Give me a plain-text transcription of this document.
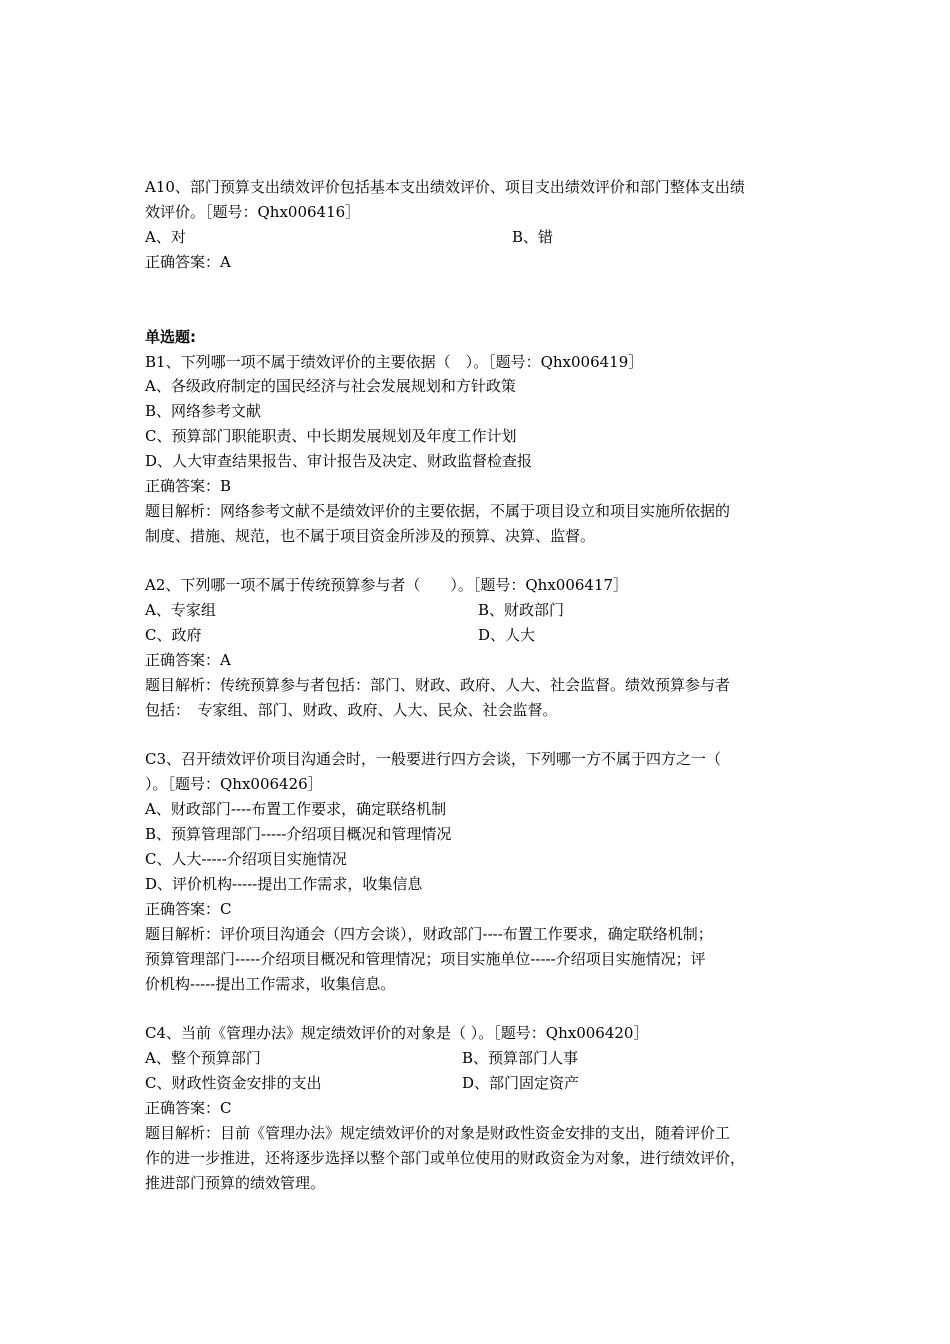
A10、部门预算支出绩效评价包括基本支出绩效评价、项目支出绩效评价和部门整体支出绩
效评价。［题号：Qhx006416］
A、对	B、错
正确答案：A
单选题:
B1、下列哪一项不属于绩效评价的主要依据（　）。［题号：Qhx006419］
A、各级政府制定的国民经济与社会发展规划和方针政策
B、网络参考文献
C、预算部门职能职责、中长期发展规划及年度工作计划
D、人大审查结果报告、审计报告及决定、财政监督检查报
正确答案：B
题目解析：网络参考文献不是绩效评价的主要依据，不属于项目设立和项目实施所依据的
制度、措施、规范，也不属于项目资金所涉及的预算、决算、监督。
A2、下列哪一项不属于传统预算参与者（　　）。［题号：Qhx006417］
A、专家组	B、财政部门
C、政府	D、人大
正确答案：A
题目解析：传统预算参与者包括：部门、财政、政府、人大、社会监督。绩效预算参与者
包括：　专家组、部门、财政、政府、人大、民众、社会监督。
C3、召开绩效评价项目沟通会时，一般要进行四方会谈，下列哪一方不属于四方之一（
）。［题号：Qhx006426］
A、财政部门----布置工作要求，确定联络机制
B、预算管理部门-----介绍项目概况和管理情况
C、人大-----介绍项目实施情况
D、评价机构-----提出工作需求，收集信息
正确答案：C
题目解析：评价项目沟通会（四方会谈），财政部门----布置工作要求，确定联络机制；
预算管理部门-----介绍项目概况和管理情况；项目实施单位-----介绍项目实施情况；评
价机构-----提出工作需求，收集信息。
C4、当前《管理办法》规定绩效评价的对象是（ ）。［题号：Qhx006420］
A、整个预算部门	B、预算部门人事
C、财政性资金安排的支出	D、部门固定资产
正确答案：C
题目解析：目前《管理办法》规定绩效评价的对象是财政性资金安排的支出，随着评价工
作的进一步推进，还将逐步选择以整个部门或单位使用的财政资金为对象，进行绩效评价，
推进部门预算的绩效管理。
